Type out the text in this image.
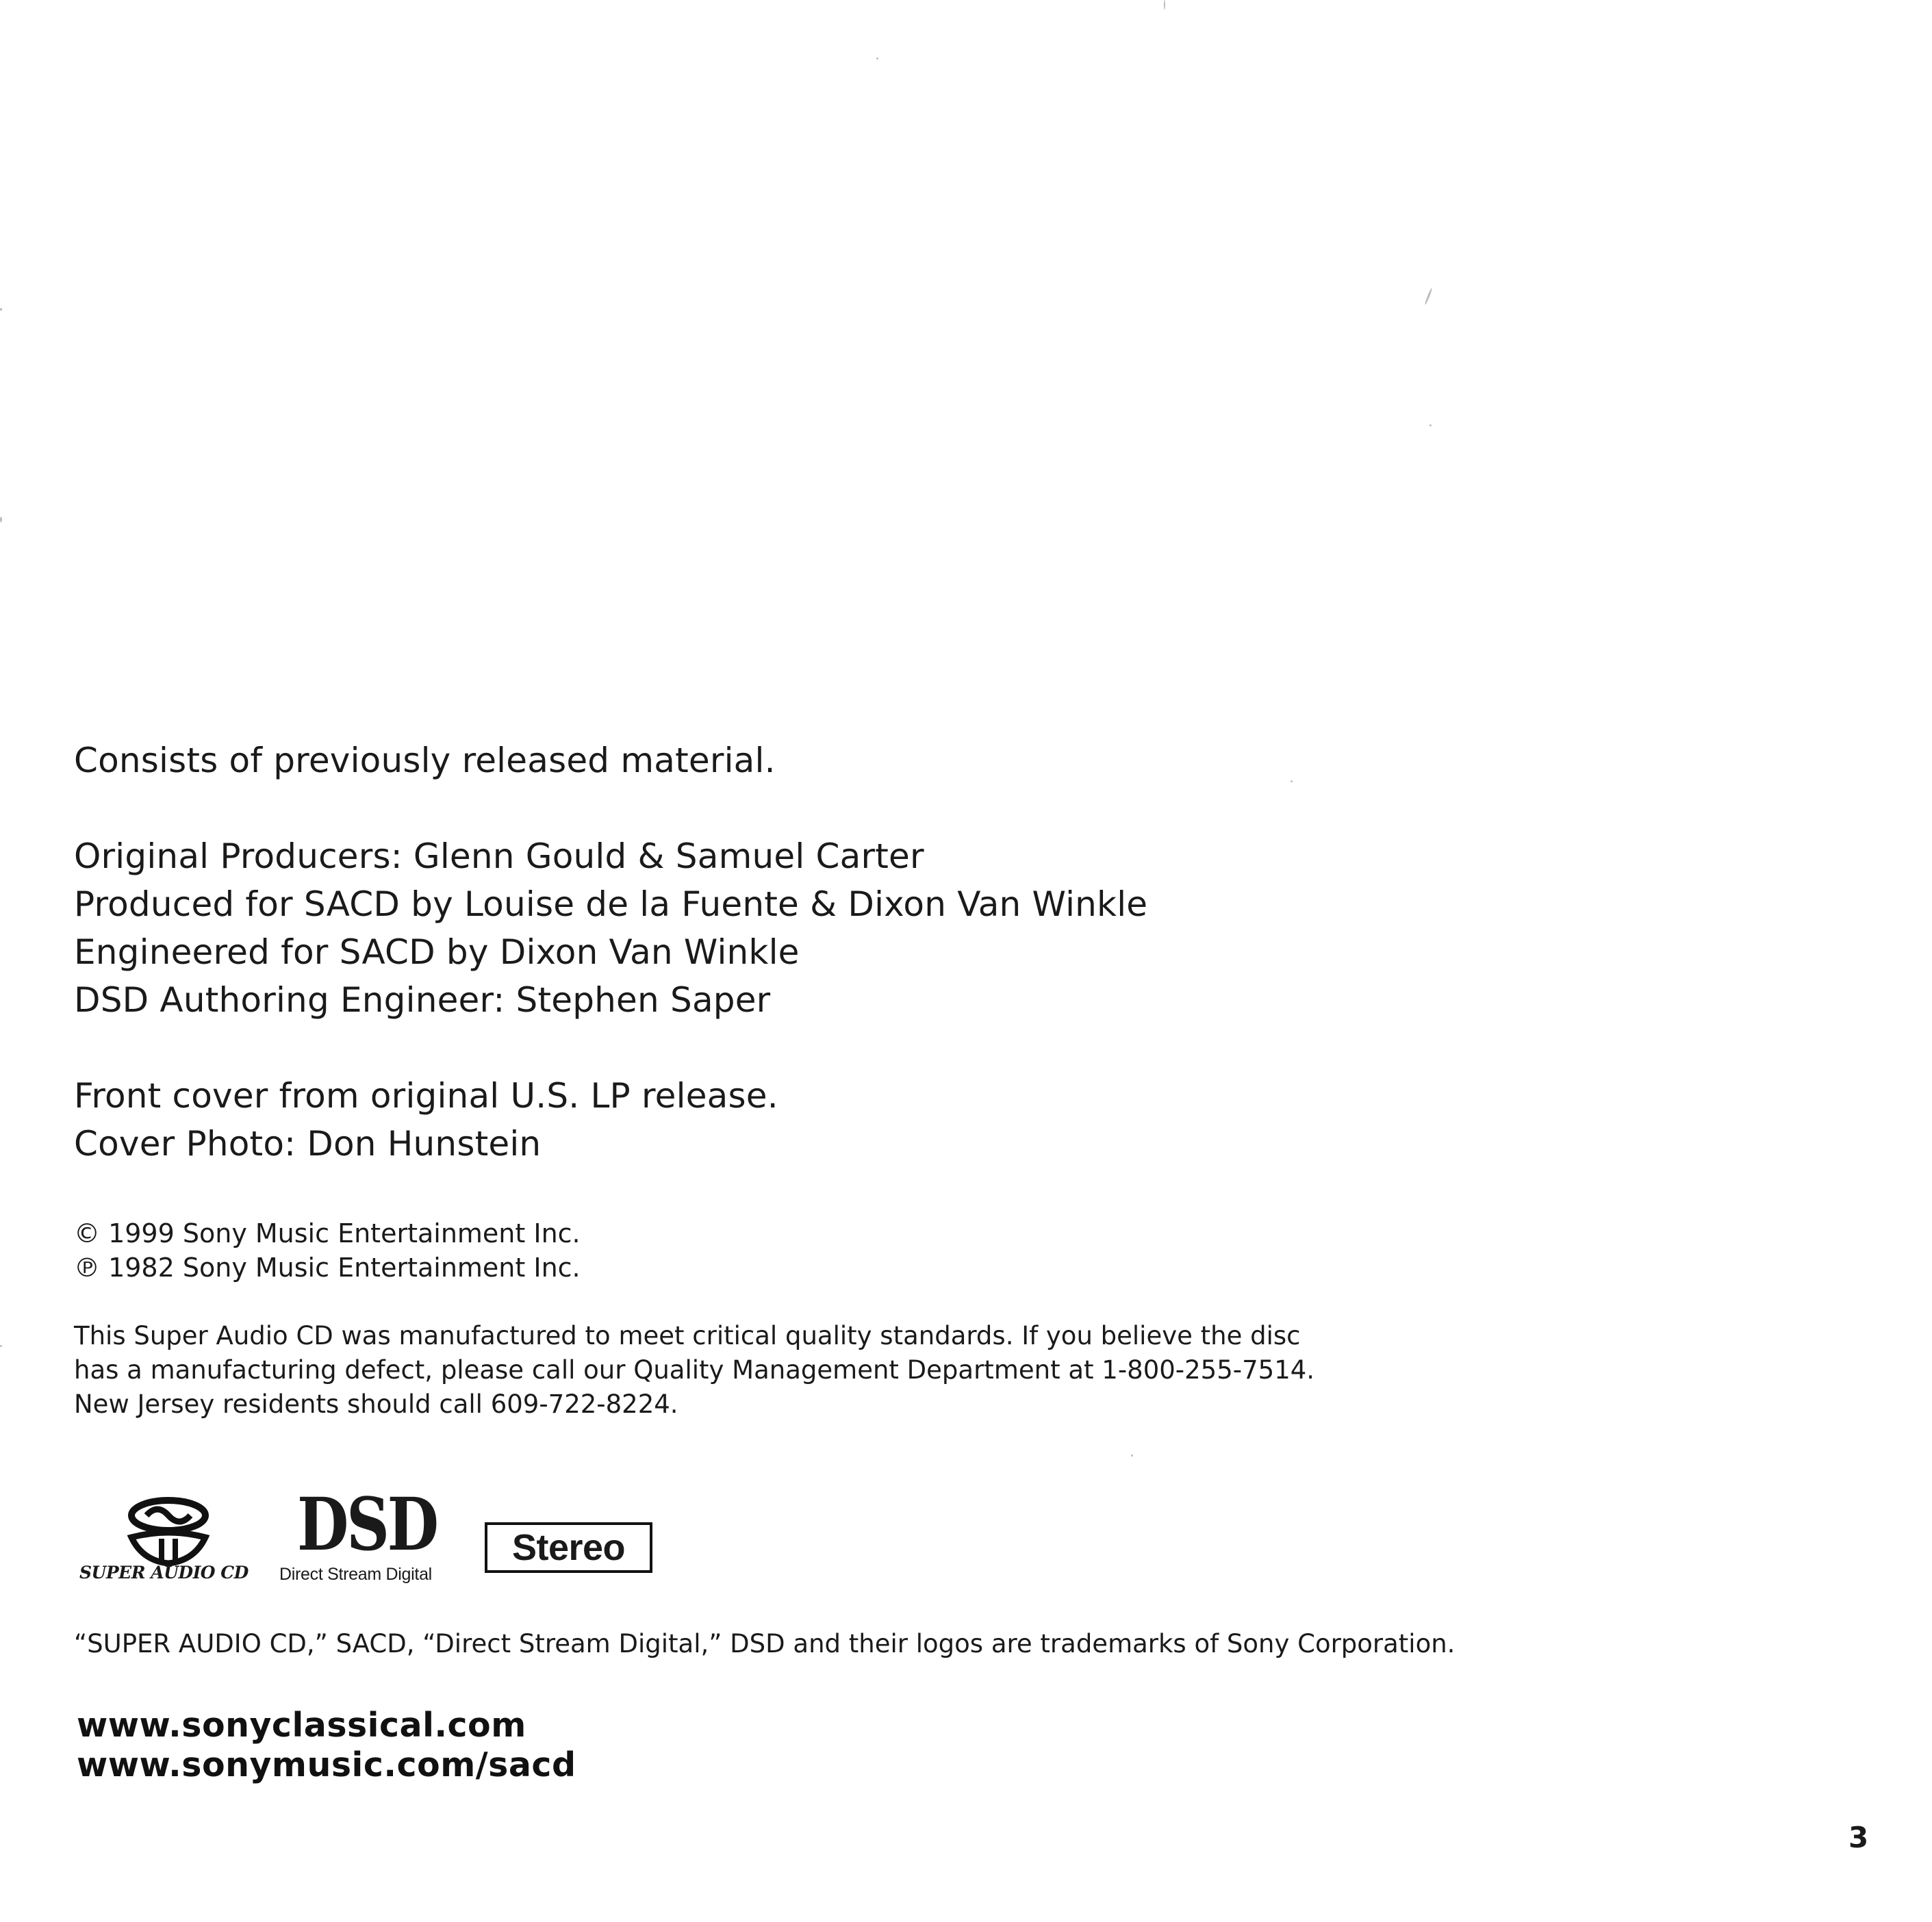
Consists of previously released material.

Original Producers: Glenn Gould & Samuel Carter

Produced for SACD by Louise de la Fuente & Dixon Van Winkle

Engineered for SACD by Dixon Van Winkle

DSD Authoring Engineer: Stephen Saper

Front cover from original U.S. LP release.

Cover Photo: Don Hunstein

© 1999 Sony Music Entertainment Inc.

℗ 1982 Sony Music Entertainment Inc.

This Super Audio CD was manufactured to meet critical quality standards. If you believe the disc

has a manufacturing defect, please call our Quality Management Department at 1-800-255-7514.

New Jersey residents should call 609-722-8224.

SUPER AUDIO CD
DSD
Direct Stream Digital
Stereo

“SUPER AUDIO CD,” SACD, “Direct Stream Digital,” DSD and their logos are trademarks of Sony Corporation.

www.sonyclassical.com
www.sonymusic.com/sacd
3
